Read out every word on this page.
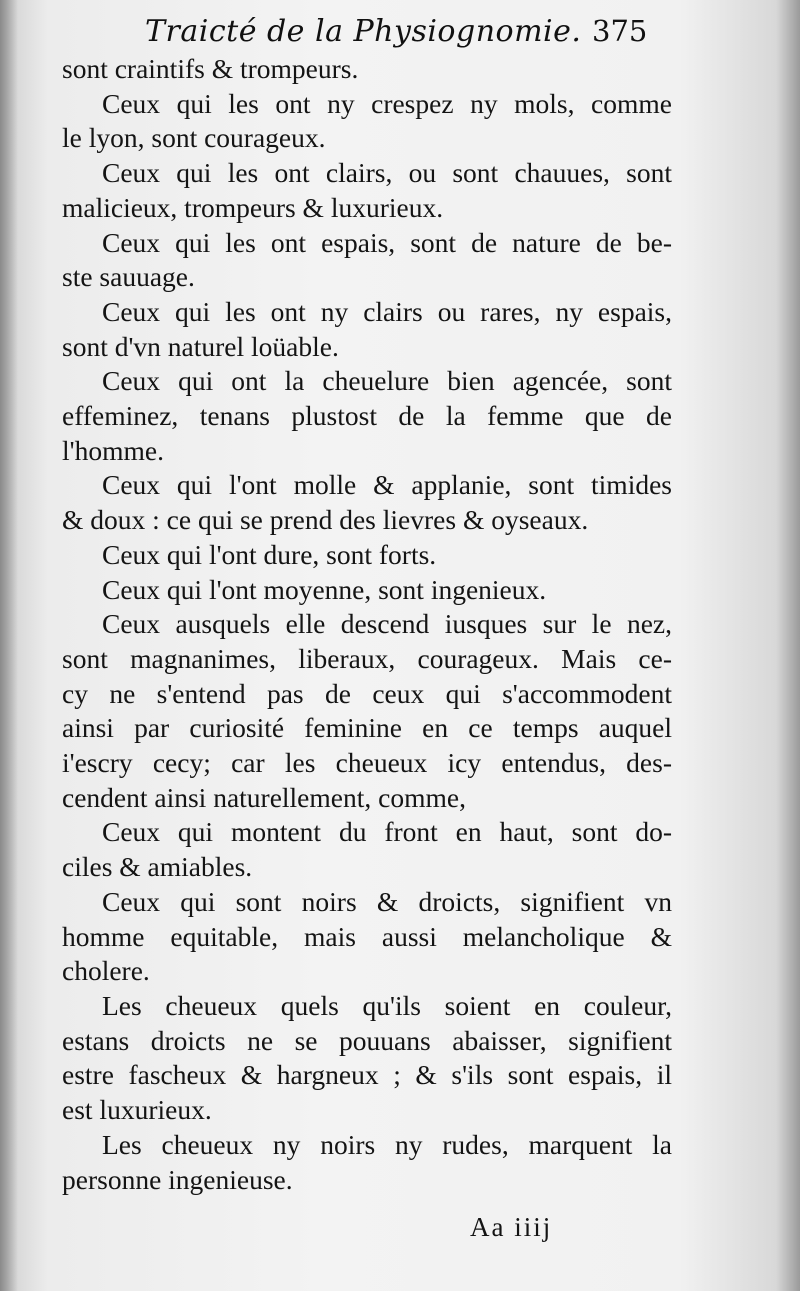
Traicté de la Physiognomie. 375

sont craintifs & trompeurs.

Ceux qui les ont ny crespez ny mols, comme
le lyon, sont courageux.

Ceux qui les ont clairs, ou sont chauues, sont
malicieux, trompeurs & luxurieux.

Ceux qui les ont espais, sont de nature de be-
ste sauuage.

Ceux qui les ont ny clairs ou rares, ny espais,
sont d'vn naturel loüable.

Ceux qui ont la cheuelure bien agencée, sont
effeminez, tenans plustost de la femme que de
l'homme.

Ceux qui l'ont molle & applanie, sont timides
& doux : ce qui se prend des lievres & oyseaux.

Ceux qui l'ont dure, sont forts.

Ceux qui l'ont moyenne, sont ingenieux.

Ceux ausquels elle descend iusques sur le nez,
sont magnanimes, liberaux, courageux. Mais ce-
cy ne s'entend pas de ceux qui s'accommodent
ainsi par curiosité feminine en ce temps auquel
i'escry cecy; car les cheueux icy entendus, des-
cendent ainsi naturellement, comme,

Ceux qui montent du front en haut, sont do-
ciles & amiables.

Ceux qui sont noirs & droicts, signifient vn
homme equitable, mais aussi melancholique &
cholere.

Les cheueux quels qu'ils soient en couleur,
estans droicts ne se pouuans abaisser, signifient
estre fascheux & hargneux ; & s'ils sont espais, il
est luxurieux.

Les cheueux ny noirs ny rudes, marquent la
personne ingenieuse.

Aa iiij
